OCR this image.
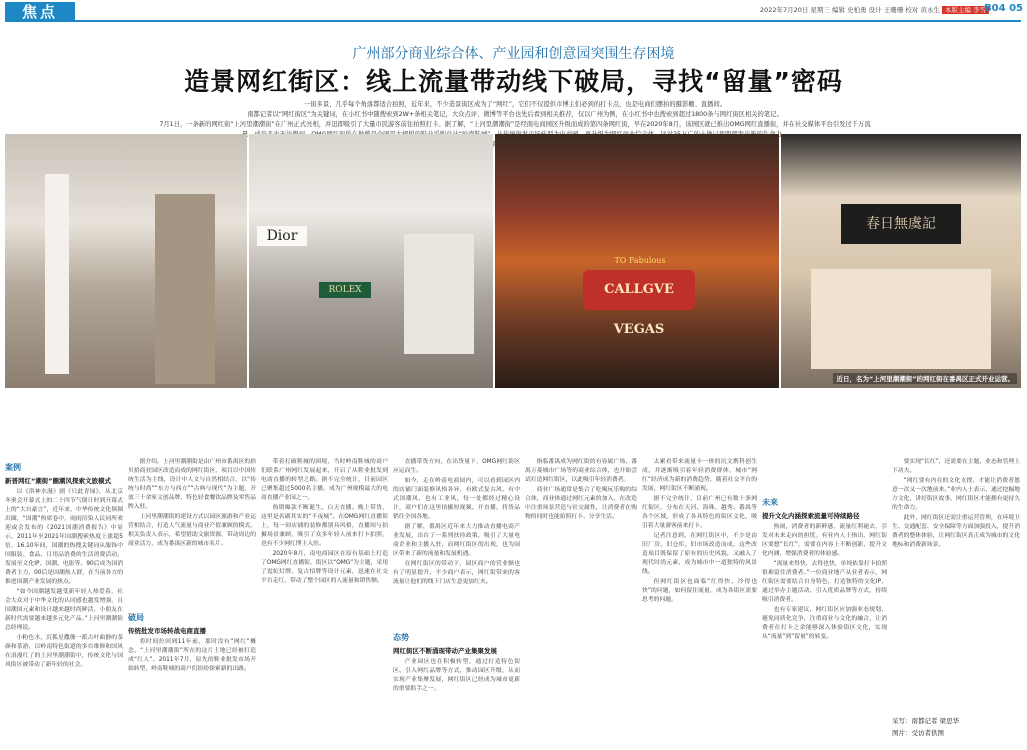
焦点	2022年7月20日 星期三 编辑 史柏勇 设计 王珊珊 校对 黄永生 本版主编 李雪
B04 05
广州部分商业综合体、产业园和创意园突围生存困境
造景网红街区：线上流量带动线下破局，寻找“留量”密码

一街多景、几乎每个角落都适合拍照，近年来，不少造景街区成为了“网红”，它们不仅提供市博主们必到的打卡点，也是电商们摆拍的摄影棚、直播间。

南都记者以“网红街区”为关键词，在小红书中随搜索到2W+条相关笔记，大众点评、微博等平台也先后看到相关推荐，仅以广州为例，在小红书中也搜索到超过1800条与网红街区相关的笔记。

7月1日，一条新的网红街“上河里潮潮街”在广州正式亮相，并迅即吸引了大量市民游客前往拍照打卡。据了解，“上河里潮潮街”是经南电商园区升级而成的第四条网红街，早在2020年8月，该园区就已推出OMG网红直播街，并在社交媒体平台引发过千万流 ，

Dior
ROLEX
TO Fabulous
CALLGVE VEGAS
春日無虞記
近日，名为“上河里潮潮街”的网红街在番禺区正式开业运营。
案例
新晋网红“潮街”圈潮风探索文旅模式
破局
传统批发市场转战电商直播
态势
网红街区不断涌现带动产业集聚发展
未来
提升文化内涵探索流量可持续路径

以《浴神水漫》剧《只此青绿》，从北京冬奥会开幕式上的二十四节气倒计时到开幕式上的“大自豪言”，近年来，中华传统文化频频出圈，“国潮”热席卷中，雨雨渲染人民同所欢迎或会发布的《2021国潮消费报告》中显示，2011年至2021年国潮搜索热度上涨超5倍，16.10年间，国潮的热搜关键词从服饰中国服装、食品、日用品消费的生活消费活动，发展至文化IP、国潮、电影等。90后成为国消费者主力，00后是国潮热人群，在当前各方的推进国潮产业发展的热点。

“如今国潮越发越受新年轻人热爱着，社会大众对于中华文化的认同感也越发增强，且国潮国元素和设计越来越时尚鲜活，小朋友在新时代需要越来越多元化产品。”上河里潮潮街总经理说。

小粉色水，沉狐星撒像一派古叶曲静的茶颜和茶游，以岭南特色街道的多台维修和国风在浪漫红了的上河里潮潮街中，传统文化与国风街区被带动了新年轻的社会。

据介绍，上河里潮潮街是由广州市番禺区的拾贝拾商业园区改造而成的网红街区，项目以中国传统生活为主线，设计中人文与自然相结合，以“传统与时尚”“东方与西方”“古典与现代”为主题，开放三十余家文创品牌、特色轻食餐饮品牌及零售品牌入驻。

上河里潮潮街的建设方式以园区旅游和产业运营相结合，打造人气流量与商业产值兼顾的模式，相关负责人表示，希望借助文旅资源，带动周边的商业活力，成为番禺区新的城市名片。

将时间拉回到11年前，那时没有“网红”概念，“上河里潮潮街”所在的这片土地已经被打造成“红人”。2011年7月，原先的鞋业批发市场开始转型，岭南鞋城的商户们纷纷探索新的出路。

带着打破鞋城的困境，当时岭南鞋城的商户们联系广州网红发展起来，开启了从鞋业批发到电商直播的转型之路。据不完全统计，目前园区已聚集超过5000名主播，成为广州规模最大的电商直播产业园之一。

热销爆款不断诞生，白天直播、晚上带货，这里是名副其实的“不夜城”。在OMG网红直播街上，每一间店铺的装修都别具风格，直播间与拍摄场景兼顾，吸引了众多年轻人前来打卡拍照，也有不少网红博主入驻。

2020年8月，南电商园区在原有基础上打造了OMG网红直播街，街区以“OMG”为主题，采用了霓虹灯牌、复古招牌等设计元素，迅速在社交平台走红，带动了整个园区的人流量和销售额。

直播带货方向，在出货量下，OMG网红街区应运而生。

如今，走在岭南电商园内，可以看到园区内的店铺门面装修风格各异，有欧式复古风、有中式国潮风、也有工业风，每一处都经过精心设计，商户们在这里拍摄短视频、开直播，将货品销往全国各地。

据了解，番禺区近年来大力推动直播电商产业发展，出台了一系列扶持政策，吸引了大量电商企业和主播入驻，而网红街区的出现，也为园区带来了新的流量和发展机遇。

在网红街区的带动下，园区商户的营业额也有了明显提升，不少商户表示，网红街带来的客流量让他们的线下门店生意更加红火。

产业园区也在积极转型，通过打造特色街区、引入网红品牌等方式，推动园区升级，从而实现产业集聚发展，网红街区已经成为城市更新的重要抓手之一。

指临番禺成为网红街的有容属广场、番禺万菱城市广场等的商业综合体，也开始尝试打造网红街区，以此吸引年轻消费者。

商业广场通常是集合了吃喝玩乐购的综合体，商业体通过网红元素的加入，在改造中注重场景营造与社交属性，让消费者在购物的同时也能拍照打卡、分享生活。

太累看带来流量卡一体的沉文携科创生成，并逐渐吸引着年轻消费群体，城市“网红”经济成为新的消费趋势，随着社交平台的发展，网红街区不断涌现。

据不完全统计，目前广州已有数十条网红街区，分布在天河、海珠、越秀、番禺等各个区域，形成了各具特色的街区文化，吸引着大量游客前来打卡。

记者注意到，在网红街区中，不少是由旧厂房、旧仓库、旧市场改造而成，这些改造项目既保留了原有的历史风貌，又融入了现代时尚元素，成为城市中一道独特的风景线。

但网红街区也面临“红得快、冷得也快”的问题，如何留住流量，成为各街区需要思考的问题。

热闹，消费者的新鲜感，流量红利褪去，引发对未来走向的担忧。有业内人士指出，网红街区要想“长红”，需要在内容上不断创新，提升文化内涵，增强消费者的体验感。

“流量来得快，去得也快，单纯依靠打卡拍照很难留住消费者。”一位商业地产从业者表示，网红街区需要结合自身特色，打造独特的文化IP，通过举办主题活动、引入优质品牌等方式，持续吸引消费者。

也有专家建议，网红街区应加强业态规划，避免同质化竞争，注重商业与文化的融合，让消费者在打卡之余能够深入体验街区文化，实现从“流量”到“留量”的转变。

要实现“长红”，还需要在主题、业态和管理上下功夫。

“网红要有内在的文化支撑，才能让消费者愿意一次又一次地前来。”业内人士表示，通过挖掘地方文化，讲好街区故事，网红街区才能拥有更持久的生命力。

此外，网红街区还需注重运营管理，在环境卫生、交通配套、安全保障等方面加强投入，提升消费者的整体体验，让网红街区真正成为城市的文化地标和消费新场景。

采写：南都记者 梁思华
图片：受访者供图
